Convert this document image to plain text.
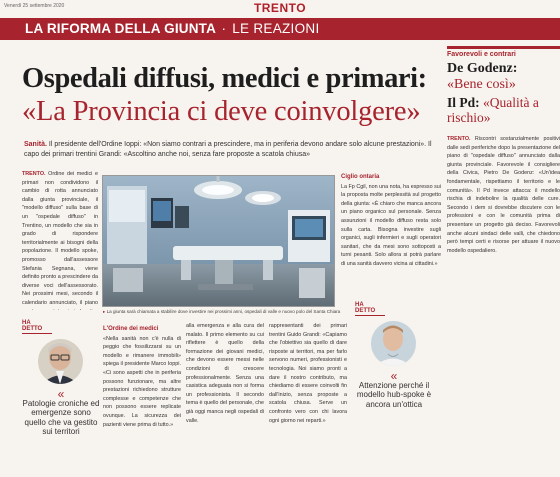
Venerdì 25 settembre 2020	TRENTO
LA RIFORMA DELLA GIUNTA · LE REAZIONI
Ospedali diffusi, medici e primari:
«La Provincia ci deve coinvolgere»

Sanità. Il presidente dell'Ordine Ioppi: «Non siamo contrari a prescindere, ma in periferia devono andare solo alcune prestazioni». Il capo dei primari trentini Grandi: «Ascoltino anche noi, senza fare proposte a scatola chiusa»

TRENTO. Ordine dei medici e primari non condividono il cambio di rotta annunciato dalla giunta provinciale, il "modello diffuso" sulla base di un "ospedale diffuso" in Trentino, un modello che sia in grado di rispondere territorialmente ai bisogni della popolazione. Il modello spoke, promosso dall'assessore Stefania Segnana, viene definito pronto a prescindere da diverse voci dell'assessorato. Nei prossimi mesi, secondo il calendario annunciato, il piano
▸ La giunta sarà chiamata a stabilire dove investire nei prossimi anni, ospedali di valle e nuovo polo del Santa Chiara
Ciglio ontaria
La Fp Cgil, non una nota, ha espresso sui la proposta molte perplessità sul progetto della giunta: «È chiaro che manca ancora un piano organico sul personale. Senza assunzioni il modello diffuso resta solo sulla carta. Bisogna investire sugli organici, sugli infermieri e sugli operatori sanitari, che da mesi sono sottoposti a turni pesanti. Solo allora si potrà parlare di una sanità davvero vicina ai cittadini.»
HA DETTO
«
Patologie croniche ed emergenze sono quello che va gestito sui territori
L'Ordine dei medici
«Nella sanità non c'è nulla di peggio che fossilizzarsi su un modello e rimanere immobili» spiega il presidente Marco Ioppi. «Ci sono aspetti che in periferia possono funzionare, ma altre prestazioni richiedono strutture complesse e competenze che non possono essere replicate ovunque. La sicurezza dei pazienti viene prima di tutto.»
alla emergenza e alla cura del malato. Il primo elemento su cui riflettere è quello della formazione dei giovani medici, che devono essere messi nelle condizioni di crescere professionalmente. Senza una casistica adeguata non si forma un professionista. Il secondo tema è quello del personale, che già oggi manca negli ospedali di valle.
rappresentanti dei primari trentini Guido Grandi: «Capiamo che l'obiettivo sia quello di dare risposte ai territori, ma per farlo servono numeri, professionisti e tecnologia. Noi siamo pronti a dare il nostro contributo, ma chiediamo di essere coinvolti fin dall'inizio, senza proposte a scatola chiusa. Serve un confronto vero con chi lavora ogni giorno nei reparti.»
HA DETTO
«
Attenzione perché il modello hub-spoke è ancora un'ottica
Favorevoli e contrari
De Godenz:
«Bene così»
Il Pd: «Qualità a rischio»
TRENTO. Riscontri sostanzialmente positivi dalle sedi periferiche dopo la presentazione del piano di "ospedale diffuso" annunciato dalla giunta provinciale. Favorevole il consigliere della Civica, Pietro De Godenz: «Un'idea fondamentale, rispettiamo il territorio e le comunità». Il Pd invece attacca: il modello rischia di indebolire la qualità delle cure. Secondo i dem si dovrebbe discutere con le professioni e con le comunità prima di presentare un progetto già deciso. Favorevoli anche alcuni sindaci delle valli, che chiedono però tempi certi e risorse per attuare il nuovo modello ospedaliero.
